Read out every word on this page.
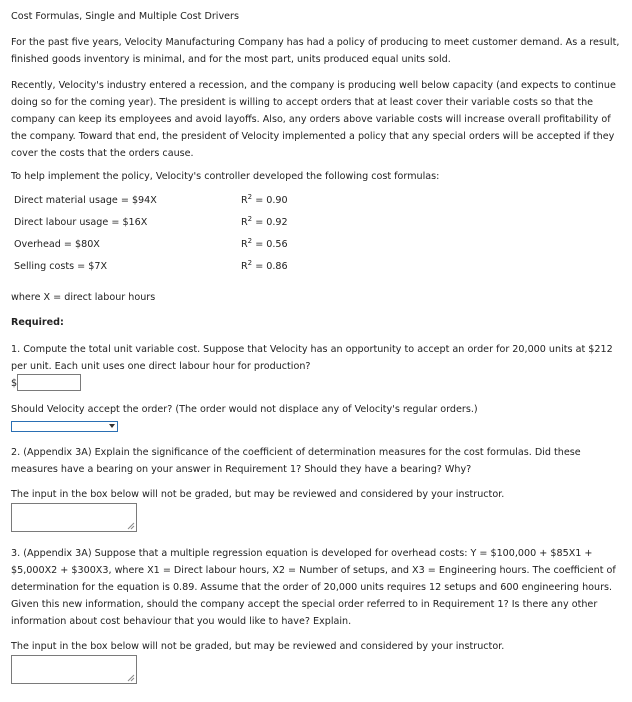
Cost Formulas, Single and Multiple Cost Drivers
For the past five years, Velocity Manufacturing Company has had a policy of producing to meet customer demand. As a result, finished goods inventory is minimal, and for the most part, units produced equal units sold.
Recently, Velocity's industry entered a recession, and the company is producing well below capacity (and expects to continue doing so for the coming year). The president is willing to accept orders that at least cover their variable costs so that the company can keep its employees and avoid layoffs. Also, any orders above variable costs will increase overall profitability of the company. Toward that end, the president of Velocity implemented a policy that any special orders will be accepted if they cover the costs that the orders cause.
To help implement the policy, Velocity's controller developed the following cost formulas:
Direct material usage = $94X	$R^2 = 0.90$
Direct labour usage = $16X	$R^2 = 0.92$
Overhead = $80X	$R^2 = 0.56$
Selling costs = $7X	$R^2 = 0.86$
where X = direct labour hours
Required:
1. Compute the total unit variable cost. Suppose that Velocity has an opportunity to accept an order for 20,000 units at $212 per unit. Each unit uses one direct labour hour for production?
$
Should Velocity accept the order? (The order would not displace any of Velocity's regular orders.)
2. (Appendix 3A) Explain the significance of the coefficient of determination measures for the cost formulas. Did these measures have a bearing on your answer in Requirement 1? Should they have a bearing? Why?
The input in the box below will not be graded, but may be reviewed and considered by your instructor.
3. (Appendix 3A) Suppose that a multiple regression equation is developed for overhead costs: Y = $100,000 + $85X1 + $5,000X2 + $300X3, where X1 = Direct labour hours, X2 = Number of setups, and X3 = Engineering hours. The coefficient of determination for the equation is 0.89. Assume that the order of 20,000 units requires 12 setups and 600 engineering hours. Given this new information, should the company accept the special order referred to in Requirement 1? Is there any other information about cost behaviour that you would like to have? Explain.
The input in the box below will not be graded, but may be reviewed and considered by your instructor.
